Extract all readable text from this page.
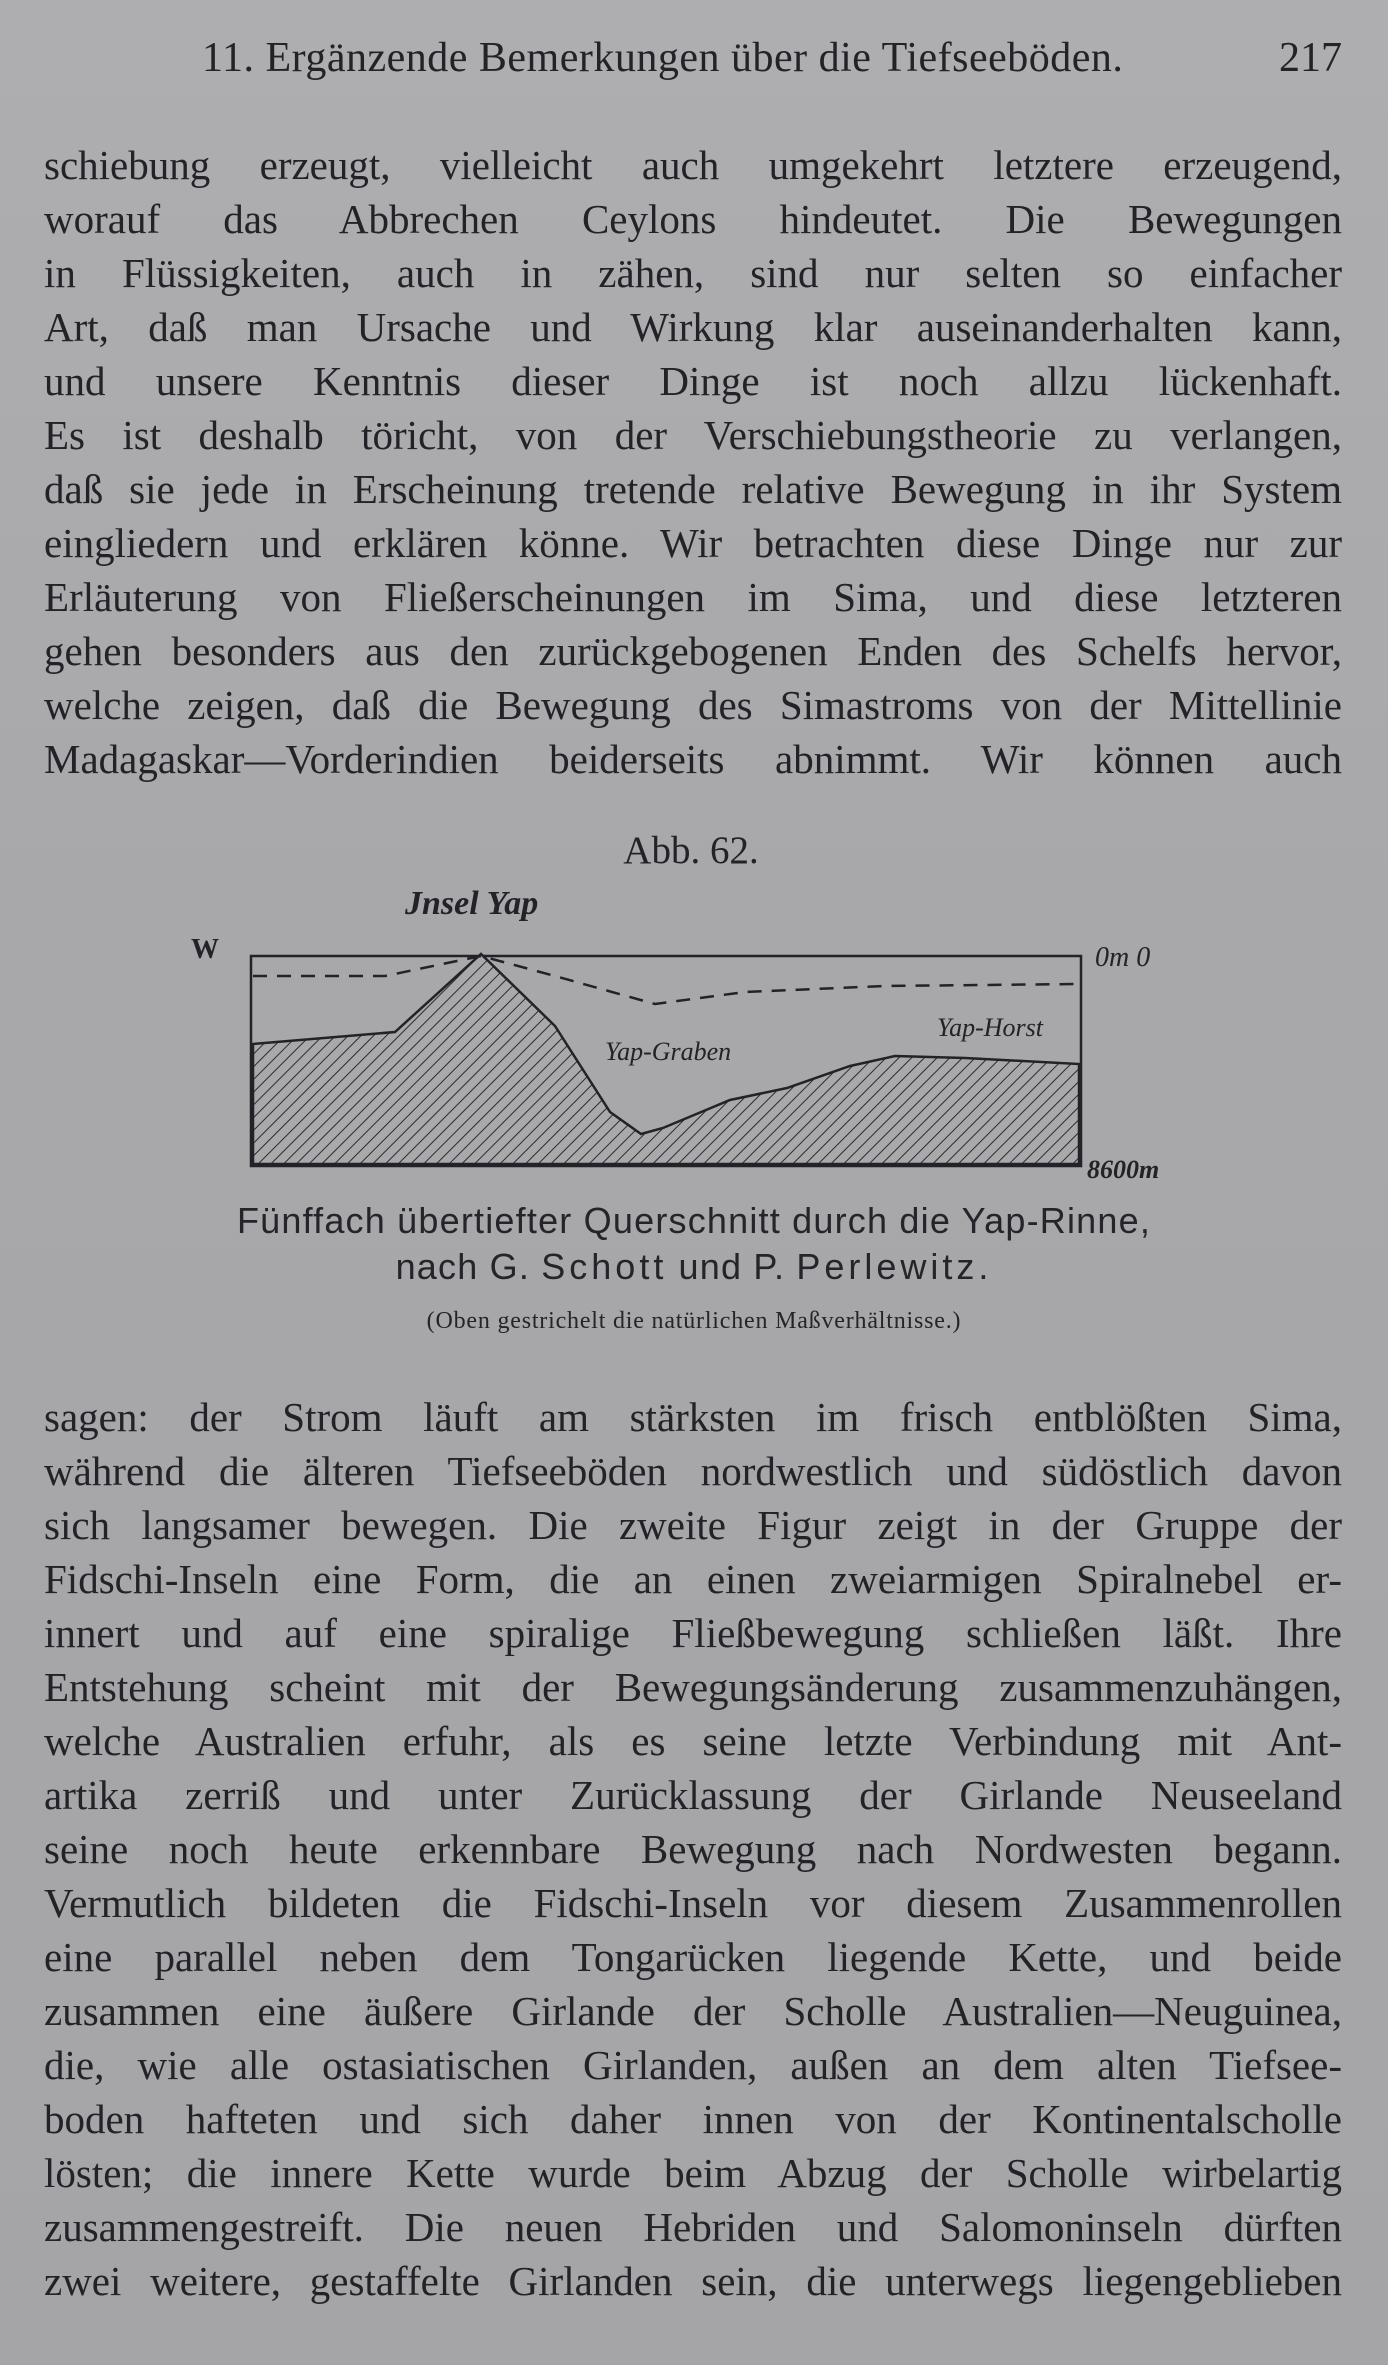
11. Ergänzende Bemerkungen über die Tiefseeböden.	217
schiebung erzeugt, vielleicht auch umgekehrt letztere erzeugend,
worauf das Abbrechen Ceylons hindeutet. Die Bewegungen
in Flüssigkeiten, auch in zähen, sind nur selten so einfacher
Art, daß man Ursache und Wirkung klar auseinanderhalten kann,
und unsere Kenntnis dieser Dinge ist noch allzu lückenhaft.
Es ist deshalb töricht, von der Verschiebungstheorie zu verlangen,
daß sie jede in Erscheinung tretende relative Bewegung in ihr System
eingliedern und erklären könne. Wir betrachten diese Dinge nur zur
Erläuterung von Fließerscheinungen im Sima, und diese letzteren
gehen besonders aus den zurückgebogenen Enden des Schelfs hervor,
welche zeigen, daß die Bewegung des Simastroms von der Mittellinie
Madagaskar—Vorderindien beiderseits abnimmt. Wir können auch
Abb. 62.
Jnsel Yap
W
Yap-Graben
Yap-Horst
0m 0
8600m
Fünffach übertiefter Querschnitt durch die Yap-Rinne,
nach G. Schott und P. Perlewitz.
(Oben gestrichelt die natürlichen Maßverhältnisse.)
sagen: der Strom läuft am stärksten im frisch entblößten Sima,
während die älteren Tiefseeböden nordwestlich und südöstlich davon
sich langsamer bewegen. Die zweite Figur zeigt in der Gruppe der
Fidschi-Inseln eine Form, die an einen zweiarmigen Spiralnebel er-
innert und auf eine spiralige Fließbewegung schließen läßt. Ihre
Entstehung scheint mit der Bewegungsänderung zusammenzuhängen,
welche Australien erfuhr, als es seine letzte Verbindung mit Ant-
artika zerriß und unter Zurücklassung der Girlande Neuseeland
seine noch heute erkennbare Bewegung nach Nordwesten begann.
Vermutlich bildeten die Fidschi-Inseln vor diesem Zusammenrollen
eine parallel neben dem Tongarücken liegende Kette, und beide
zusammen eine äußere Girlande der Scholle Australien—Neuguinea,
die, wie alle ostasiatischen Girlanden, außen an dem alten Tiefsee-
boden hafteten und sich daher innen von der Kontinentalscholle
lösten; die innere Kette wurde beim Abzug der Scholle wirbelartig
zusammengestreift. Die neuen Hebriden und Salomoninseln dürften
zwei weitere, gestaffelte Girlanden sein, die unterwegs liegengeblieben
